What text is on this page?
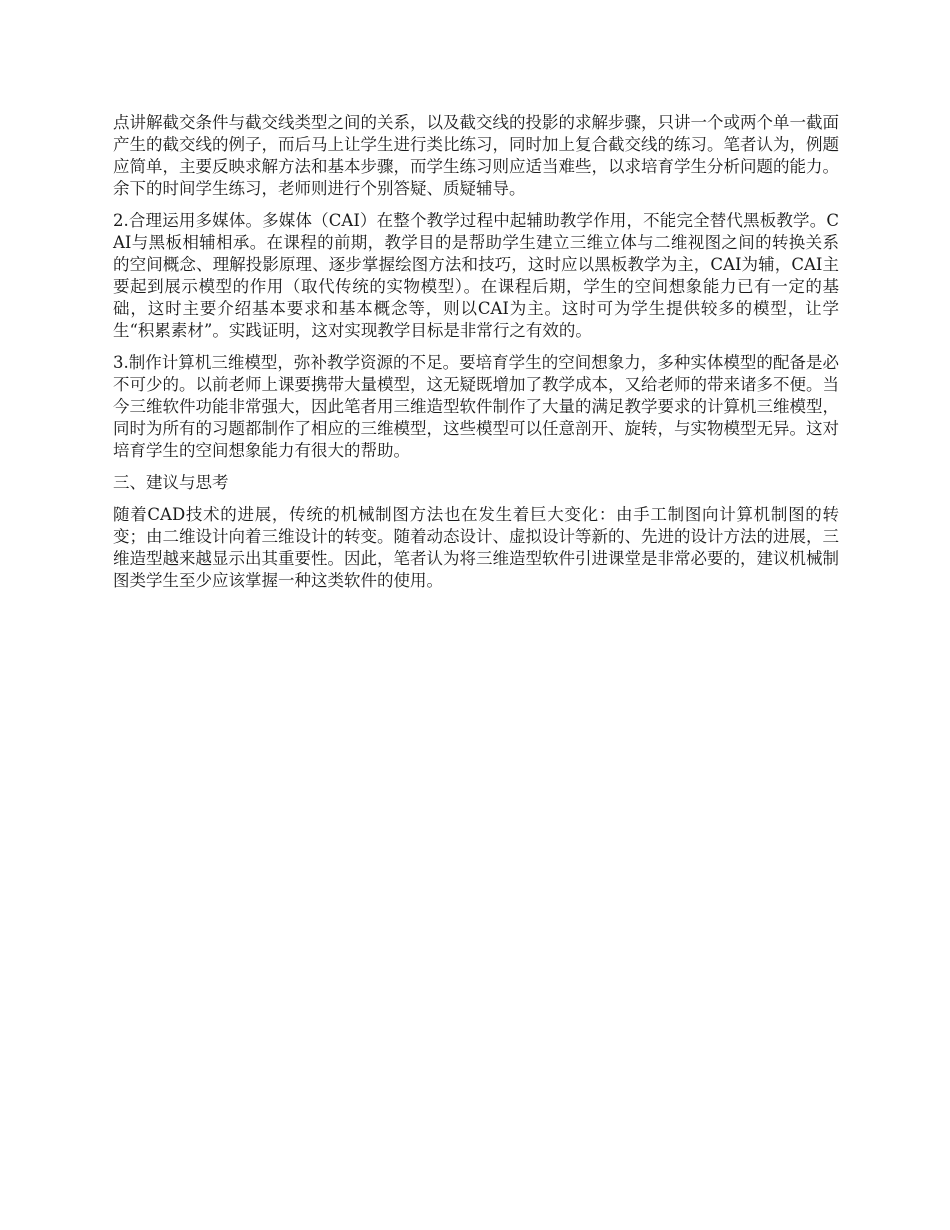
点讲解截交条件与截交线类型之间的关系，以及截交线的投影的求解步骤，只讲一个或两个单一截面产生的截交线的例子，而后马上让学生进行类比练习，同时加上复合截交线的练习。笔者认为，例题应简单，主要反映求解方法和基本步骤，而学生练习则应适当难些，以求培育学生分析问题的能力。余下的时间学生练习，老师则进行个别答疑、质疑辅导。

2.合理运用多媒体。多媒体（CAI）在整个教学过程中起辅助教学作用，不能完全替代黑板教学。CAI与黑板相辅相承。在课程的前期，教学目的是帮助学生建立三维立体与二维视图之间的转换关系的空间概念、理解投影原理、逐步掌握绘图方法和技巧，这时应以黑板教学为主，CAI为辅，CAI主要起到展示模型的作用（取代传统的实物模型）。在课程后期，学生的空间想象能力已有一定的基础，这时主要介绍基本要求和基本概念等，则以CAI为主。这时可为学生提供较多的模型，让学生“积累素材”。实践证明，这对实现教学目标是非常行之有效的。

3.制作计算机三维模型，弥补教学资源的不足。要培育学生的空间想象力，多种实体模型的配备是必不可少的。以前老师上课要携带大量模型，这无疑既增加了教学成本，又给老师的带来诸多不便。当今三维软件功能非常强大，因此笔者用三维造型软件制作了大量的满足教学要求的计算机三维模型，同时为所有的习题都制作了相应的三维模型，这些模型可以任意剖开、旋转，与实物模型无异。这对培育学生的空间想象能力有很大的帮助。

三、建议与思考

随着CAD技术的进展，传统的机械制图方法也在发生着巨大变化：由手工制图向计算机制图的转变；由二维设计向着三维设计的转变。随着动态设计、虚拟设计等新的、先进的设计方法的进展，三维造型越来越显示出其重要性。因此，笔者认为将三维造型软件引进课堂是非常必要的，建议机械制图类学生至少应该掌握一种这类软件的使用。
